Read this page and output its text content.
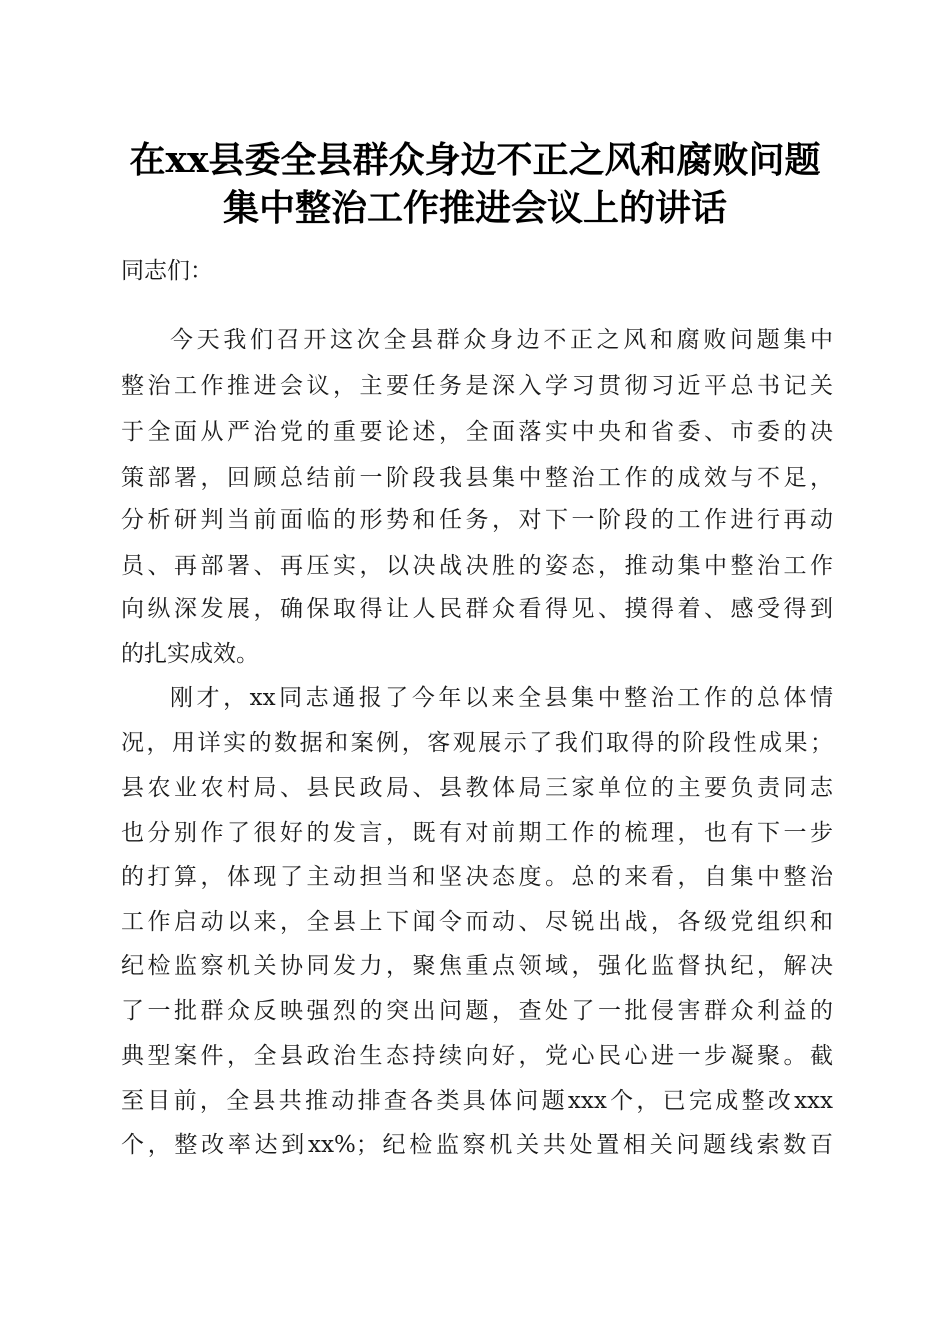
在xx县委全县群众身边不正之风和腐败问题
集中整治工作推进会议上的讲话
同志们：
今天我们召开这次全县群众身边不正之风和腐败问题集中
整治工作推进会议，主要任务是深入学习贯彻习近平总书记关
于全面从严治党的重要论述，全面落实中央和省委、市委的决
策部署，回顾总结前一阶段我县集中整治工作的成效与不足，
分析研判当前面临的形势和任务，对下一阶段的工作进行再动
员、再部署、再压实，以决战决胜的姿态，推动集中整治工作
向纵深发展，确保取得让人民群众看得见、摸得着、感受得到
的扎实成效。
刚才，xx同志通报了今年以来全县集中整治工作的总体情
况，用详实的数据和案例，客观展示了我们取得的阶段性成果；
县农业农村局、县民政局、县教体局三家单位的主要负责同志
也分别作了很好的发言，既有对前期工作的梳理，也有下一步
的打算，体现了主动担当和坚决态度。总的来看，自集中整治
工作启动以来，全县上下闻令而动、尽锐出战，各级党组织和
纪检监察机关协同发力，聚焦重点领域，强化监督执纪，解决
了一批群众反映强烈的突出问题，查处了一批侵害群众利益的
典型案件，全县政治生态持续向好，党心民心进一步凝聚。截
至目前，全县共推动排查各类具体问题xxx个，已完成整改xxx
个，整改率达到xx%；纪检监察机关共处置相关问题线索数百
